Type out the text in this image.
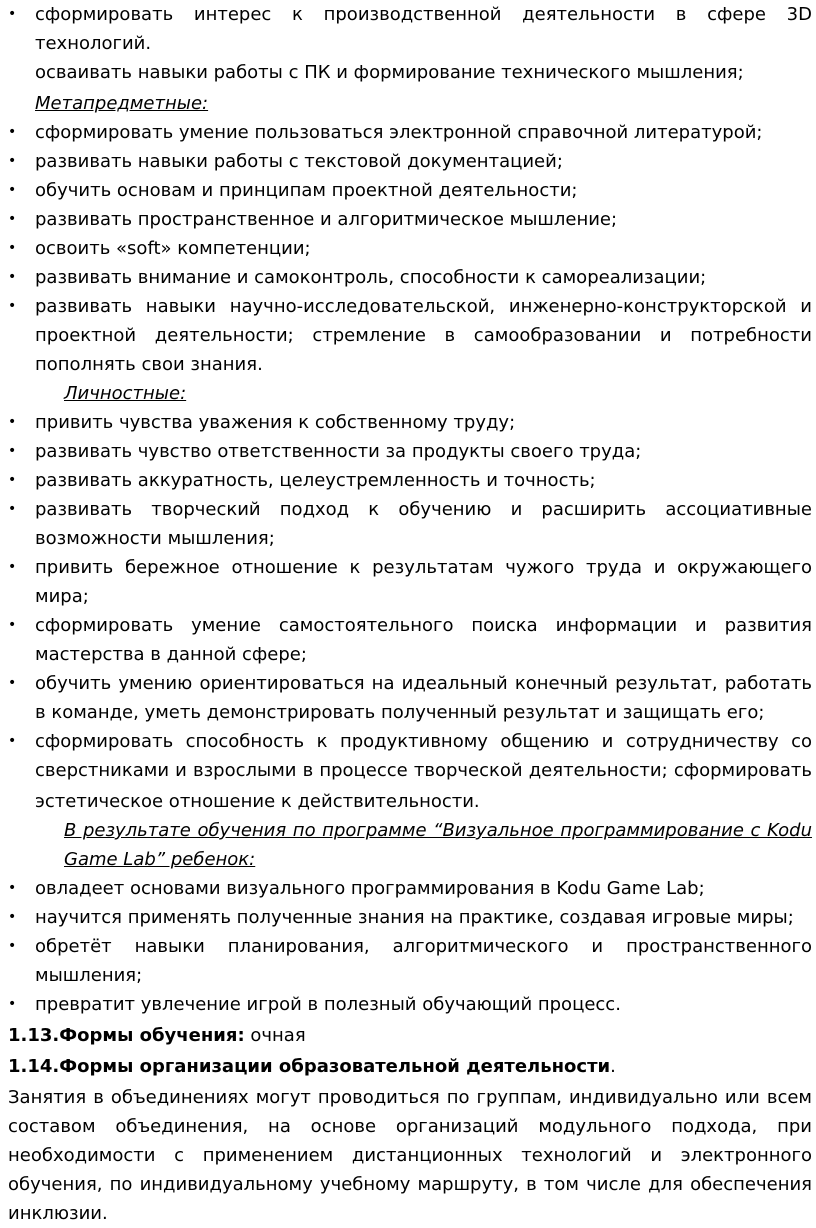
• сформировать интерес к производственной деятельности в сфере 3D технологий.
осваивать навыки работы с ПК и формирование технического мышления;
Метапредметные:
• сформировать умение пользоваться электронной справочной литературой;
• развивать навыки работы с текстовой документацией;
• обучить основам и принципам проектной деятельности;
• развивать пространственное и алгоритмическое мышление;
• освоить «soft» компетенции;
• развивать внимание и самоконтроль, способности к самореализации;
• развивать навыки научно-исследовательской, инженерно-конструкторской и проектной деятельности; стремление в самообразовании и потребности пополнять свои знания.
Личностные:
• привить чувства уважения к собственному труду;
• развивать чувство ответственности за продукты своего труда;
• развивать аккуратность, целеустремленность и точность;
• развивать творческий подход к обучению и расширить ассоциативные возможности мышления;
• привить бережное отношение к результатам чужого труда и окружающего мира;
• сформировать умение самостоятельного поиска информации и развития мастерства в данной сфере;
• обучить умению ориентироваться на идеальный конечный результат, работать в команде, уметь демонстрировать полученный результат и защищать его;
• сформировать способность к продуктивному общению и сотрудничеству со сверстниками и взрослыми в процессе творческой деятельности; сформировать эстетическое отношение к действительности.
В результате обучения по программе “Визуальное программирование с Kodu Game Lab” ребенок:
• овладеет основами визуального программирования в Kodu Game Lab;
• научится применять полученные знания на практике, создавая игровые миры;
• обретёт навыки планирования, алгоритмического и пространственного мышления;
• превратит увлечение игрой в полезный обучающий процесс.
1.13.Формы обучения: очная
1.14.Формы организации образовательной деятельности.

Занятия в объединениях могут проводиться по группам, индивидуально или всем составом объединения, на основе организаций модульного подхода, при необходимости с применением дистанционных технологий и электронного обучения, по индивидуальному учебному маршруту, в том числе для обеспечения инклюзии.
